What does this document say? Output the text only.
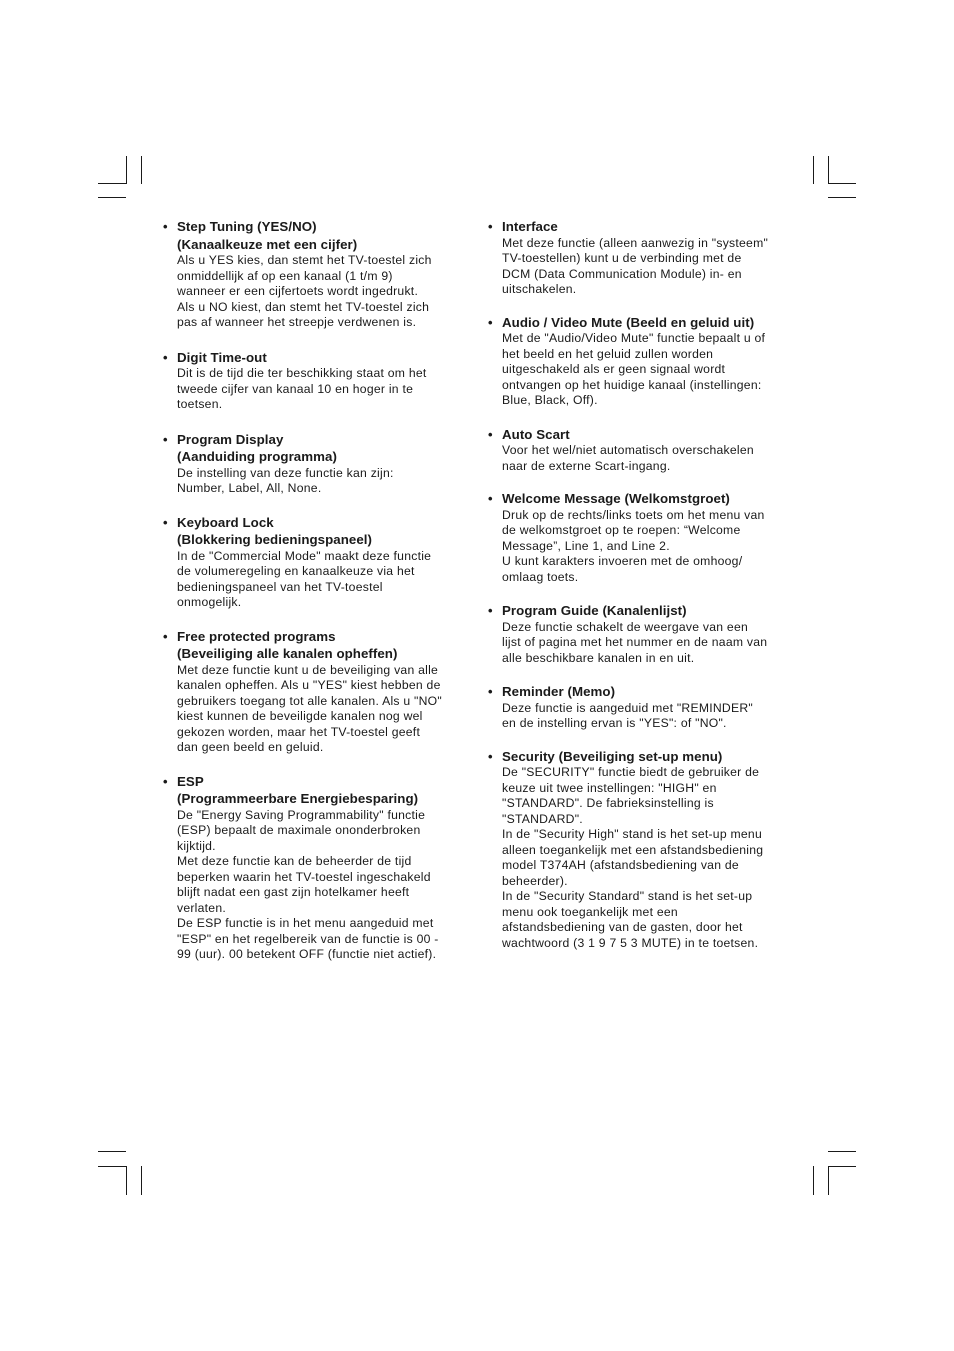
• Step Tuning (YES/NO)
(Kanaalkeuze met een cijfer)
Als u YES kies, dan stemt het TV-toestel zich
onmiddellijk af op een kanaal (1 t/m 9)
wanneer er een cijfertoets wordt ingedrukt.
Als u NO kiest, dan stemt het TV-toestel zich
pas af wanneer het streepje verdwenen is.
• Digit Time-out
Dit is de tijd die ter beschikking staat om het
tweede cijfer van kanaal 10 en hoger in te
toetsen.
• Program Display
(Aanduiding programma)
De instelling van deze functie kan zijn:
Number, Label, All, None.
• Keyboard Lock
(Blokkering bedieningspaneel)
In de "Commercial Mode" maakt deze functie
de volumeregeling en kanaalkeuze via het
bedieningspaneel van het TV-toestel
onmogelijk.
• Free protected programs
(Beveiliging alle kanalen opheffen)
Met deze functie kunt u de beveiliging van alle
kanalen opheffen. Als u "YES" kiest hebben de
gebruikers toegang tot alle kanalen. Als u "NO"
kiest kunnen de beveiligde kanalen nog wel
gekozen worden, maar het TV-toestel geeft
dan geen beeld en geluid.
• ESP
(Programmeerbare Energiebesparing)
De "Energy Saving Programmability" functie
(ESP) bepaalt de maximale ononderbroken
kijktijd.
Met deze functie kan de beheerder de tijd
beperken waarin het TV-toestel ingeschakeld
blijft nadat een gast zijn hotelkamer heeft
verlaten.
De ESP functie is in het menu aangeduid met
"ESP" en het regelbereik van de functie is 00 -
99 (uur). 00 betekent OFF (functie niet actief).
• Interface
Met deze functie (alleen aanwezig in "systeem"
TV-toestellen) kunt u de verbinding met de
DCM (Data Communication Module) in- en
uitschakelen.
• Audio / Video Mute (Beeld en geluid uit)
Met de "Audio/Video Mute" functie bepaalt u of
het beeld en het geluid zullen worden
uitgeschakeld als er geen signaal wordt
ontvangen op het huidige kanaal (instellingen:
Blue, Black, Off).
• Auto Scart
Voor het wel/niet automatisch overschakelen
naar de externe Scart-ingang.
• Welcome Message (Welkomstgroet)
Druk op de rechts/links toets om het menu van
de welkomstgroet op te roepen: “Welcome
Message”, Line 1, and Line 2.
U kunt karakters invoeren met de omhoog/
omlaag toets.
• Program Guide (Kanalenlijst)
Deze functie schakelt de weergave van een
lijst of pagina met het nummer en de naam van
alle beschikbare kanalen in en uit.
• Reminder (Memo)
Deze functie is aangeduid met "REMINDER"
en de instelling ervan is "YES": of "NO".
• Security (Beveiliging set-up menu)
De "SECURITY" functie biedt de gebruiker de
keuze uit twee instellingen: "HIGH" en
"STANDARD". De fabrieksinstelling is
"STANDARD".
In de "Security High" stand is het set-up menu
alleen toegankelijk met een afstandsbediening
model T374AH (afstandsbediening van de
beheerder).
In de "Security Standard" stand is het set-up
menu ook toegankelijk met een
afstandsbediening van de gasten, door het
wachtwoord (3 1 9 7 5 3 MUTE) in te toetsen.
